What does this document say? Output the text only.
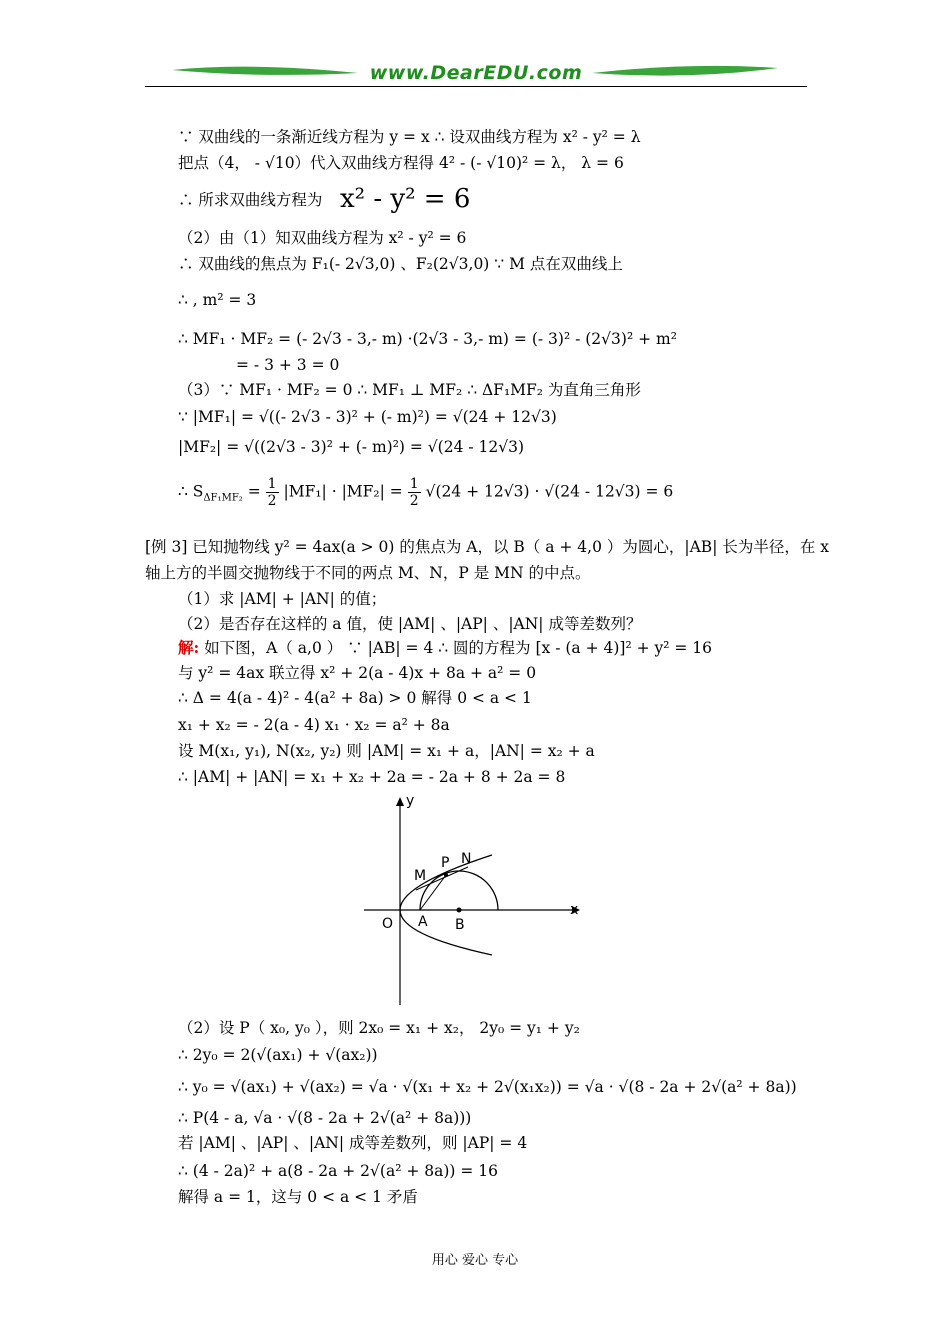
www.DearEDU.com
∵ 双曲线的一条渐近线方程为 y = x ∴ 设双曲线方程为 x² - y² = λ
把点（4， - √10）代入双曲线方程得 4² - (- √10)² = λ， λ = 6
∴ 所求双曲线方程为 x² - y² = 6
（2）由（1）知双曲线方程为 x² - y² = 6
∴ 双曲线的焦点为 F₁(- 2√3,0) 、F₂(2√3,0) ∵ M 点在双曲线上
∴ , m² = 3
∴ MF₁ · MF₂ = (- 2√3 - 3,- m) ·(2√3 - 3,- m) = (- 3)² - (2√3)² + m²
= - 3 + 3 = 0
（3）∵ MF₁ · MF₂ = 0 ∴ MF₁ ⊥ MF₂ ∴ ΔF₁MF₂ 为直角三角形
∵ |MF₁| = √((- 2√3 - 3)² + (- m)²) = √(24 + 12√3)
|MF₂| = √((2√3 - 3)² + (- m)²) = √(24 - 12√3)
∴ $S_{\Delta F_1MF_2} = \frac{1}{2} |MF_1| \cdot |MF_2| = \frac{1}{2} √(24 + 12√3) \cdot √(24 - 12√3) = 6$
[例 3] 已知抛物线 y² = 4ax(a > 0) 的焦点为 A，以 B（ a + 4,0 ）为圆心，|AB| 长为半径，在 x
轴上方的半圆交抛物线于不同的两点 M、N，P 是 MN 的中点。
（1）求 |AM| + |AN| 的值；
（2）是否存在这样的 a 值，使 |AM| 、|AP| 、|AN| 成等差数列？
解: 如下图，A（ a,0 ） ∵ |AB| = 4 ∴ 圆的方程为 [x - (a + 4)]² + y² = 16
与 y² = 4ax 联立得 x² + 2(a - 4)x + 8a + a² = 0
∴ Δ = 4(a - 4)² - 4(a² + 8a) > 0 解得 0 < a < 1
x₁ + x₂ = - 2(a - 4) x₁ · x₂ = a² + 8a
设 M(x₁, y₁), N(x₂, y₂) 则 |AM| = x₁ + a，|AN| = x₂ + a
∴ |AM| + |AN| = x₁ + x₂ + 2a = - 2a + 8 + 2a = 8
y
x
O A B
M
P N
（2）设 P（ x₀, y₀ ），则 2x₀ = x₁ + x₂， 2y₀ = y₁ + y₂
∴ 2y₀ = 2(√(ax₁) + √(ax₂))
∴ y₀ = √(ax₁) + √(ax₂) = √a · √(x₁ + x₂ + 2√(x₁x₂)) = √a · √(8 - 2a + 2√(a² + 8a))
∴ P(4 - a, √a · √(8 - 2a + 2√(a² + 8a)))
若 |AM| 、|AP| 、|AN| 成等差数列，则 |AP| = 4
∴ (4 - 2a)² + a(8 - 2a + 2√(a² + 8a)) = 16
解得 a = 1，这与 0 < a < 1 矛盾
用心 爱心 专心
